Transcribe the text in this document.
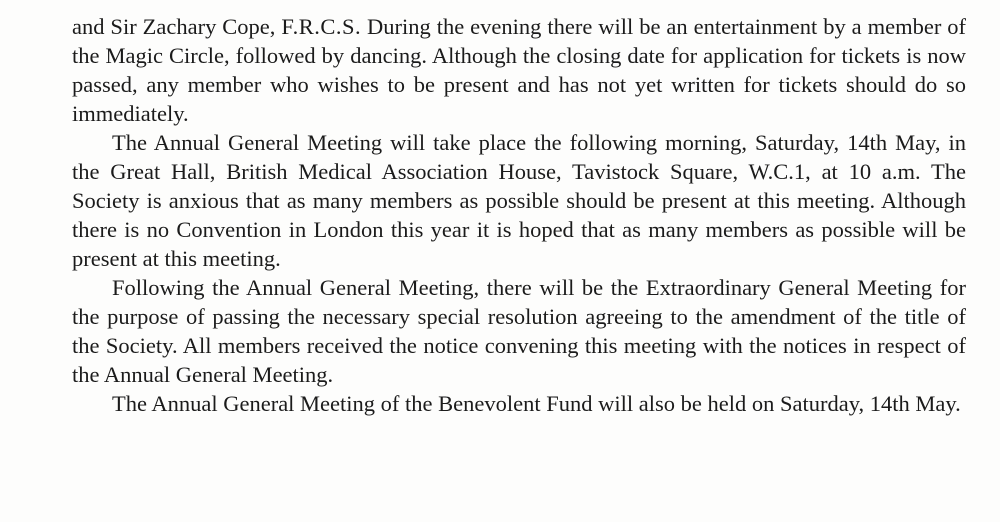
and Sir Zachary Cope, F.R.C.S. During the evening there will be an entertainment by a member of the Magic Circle, followed by dancing. Although the closing date for application for tickets is now passed, any member who wishes to be present and has not yet written for tickets should do so immediately.

The Annual General Meeting will take place the following morning, Saturday, 14th May, in the Great Hall, British Medical Association House, Tavistock Square, W.C.1, at 10 a.m. The Society is anxious that as many members as possible should be present at this meeting. Although there is no Convention in London this year it is hoped that as many members as possible will be present at this meeting.

Following the Annual General Meeting, there will be the Extraordinary General Meeting for the purpose of passing the necessary special resolution agreeing to the amendment of the title of the Society. All members received the notice convening this meeting with the notices in respect of the Annual General Meeting.

The Annual General Meeting of the Benevolent Fund will also be held on Saturday, 14th May.
